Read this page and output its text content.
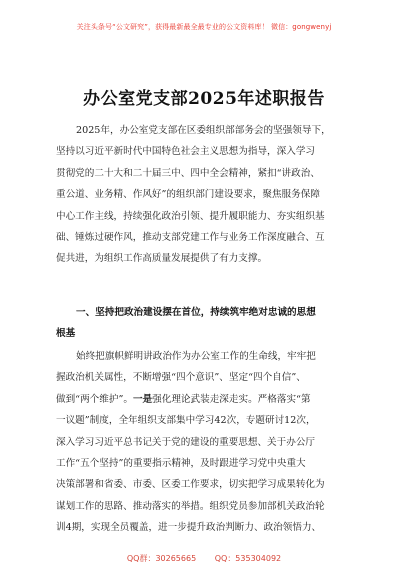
关注头条号“公文研究”，获得最新最全最专业的公文资料库！ 微信：gongwenyj
办公室党支部2025年述职报告
2025年，办公室党支部在区委组织部部务会的坚强领导下，
坚持以习近平新时代中国特色社会主义思想为指导，深入学习
贯彻党的二十大和二十届三中、四中全会精神，紧扣“讲政治、
重公道、业务精、作风好”的组织部门建设要求，聚焦服务保障
中心工作主线，持续强化政治引领、提升履职能力、夯实组织基
础、锤炼过硬作风，推动支部党建工作与业务工作深度融合、互
促共进，为组织工作高质量发展提供了有力支撑。
一、坚持把政治建设摆在首位，持续筑牢绝对忠诚的思想
根基
始终把旗帜鲜明讲政治作为办公室工作的生命线，牢牢把
握政治机关属性，不断增强“四个意识”、坚定“四个自信”、
做到“两个维护”。一是强化理论武装走深走实。严格落实“第
一议题”制度，全年组织支部集中学习42次，专题研讨12次，
深入学习习近平总书记关于党的建设的重要思想、关于办公厅
工作“五个坚持”的重要指示精神，及时跟进学习党中央重大
决策部署和省委、市委、区委工作要求，切实把学习成果转化为
谋划工作的思路、推动落实的举措。组织党员参加部机关政治轮
训4期，实现全员覆盖，进一步提升政治判断力、政治领悟力、
QQ群：30265665 QQ：535304092
